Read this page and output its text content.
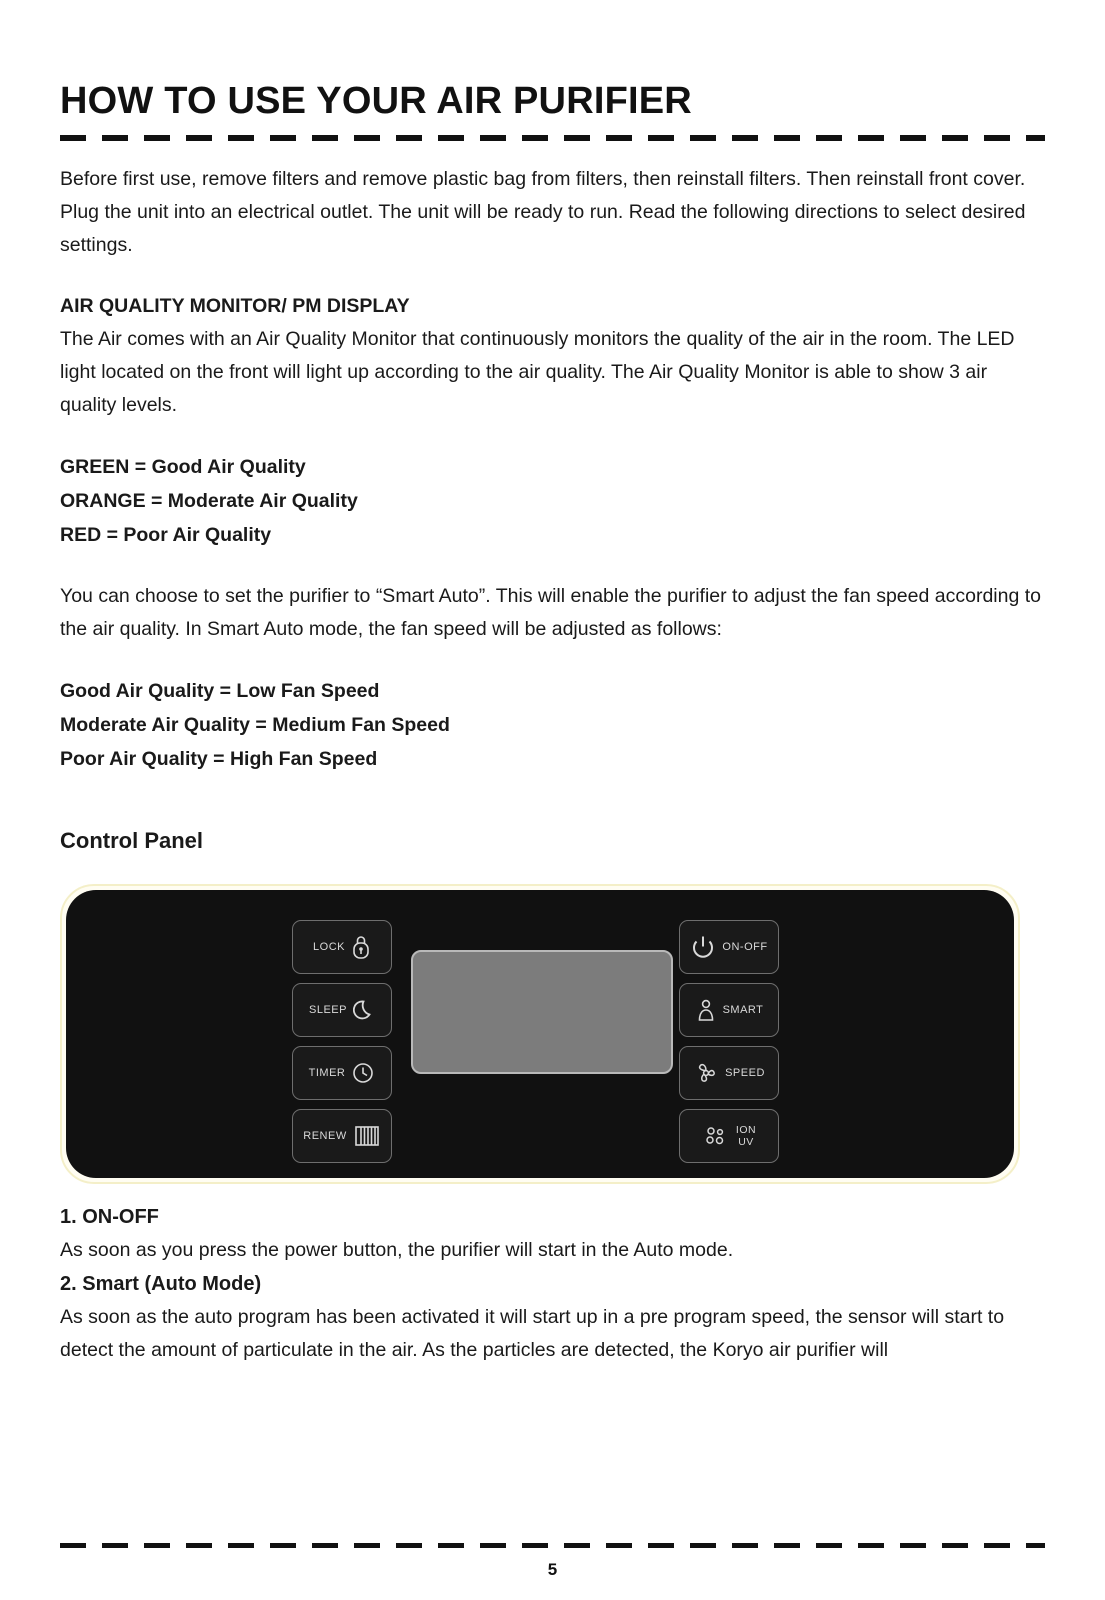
HOW TO USE YOUR AIR PURIFIER

Before first use, remove filters and remove plastic bag from filters, then reinstall filters. Then reinstall front cover.

Plug the unit into an electrical outlet. The unit will be ready to run. Read the following directions to select desired settings.

AIR QUALITY MONITOR/ PM DISPLAY

The Air comes with an Air Quality Monitor that continuously monitors the quality of the air in the room. The LED light located on the front will light up according to the air quality. The Air Quality Monitor is able to show 3 air quality levels.

GREEN = Good Air Quality
ORANGE = Moderate Air Quality
RED = Poor Air Quality

You can choose to set the purifier to “Smart Auto”. This will enable the purifier to adjust the fan speed according to the air quality. In Smart Auto mode, the fan speed will be adjusted as follows:

Good Air Quality = Low Fan Speed
Moderate Air Quality = Medium Fan Speed
Poor Air Quality = High Fan Speed
Control Panel
LOCK
SLEEP
TIMER
RENEW
ON-OFF
SMART
SPEED
ION
UV

1. ON-OFF

As soon as you press the power button, the purifier will start in the Auto mode.

2. Smart (Auto Mode)

As soon as the auto program has been activated it will start up in a pre program speed, the sensor will start to detect the amount of particulate in the air. As the particles are detected, the Koryo air purifier will

5
